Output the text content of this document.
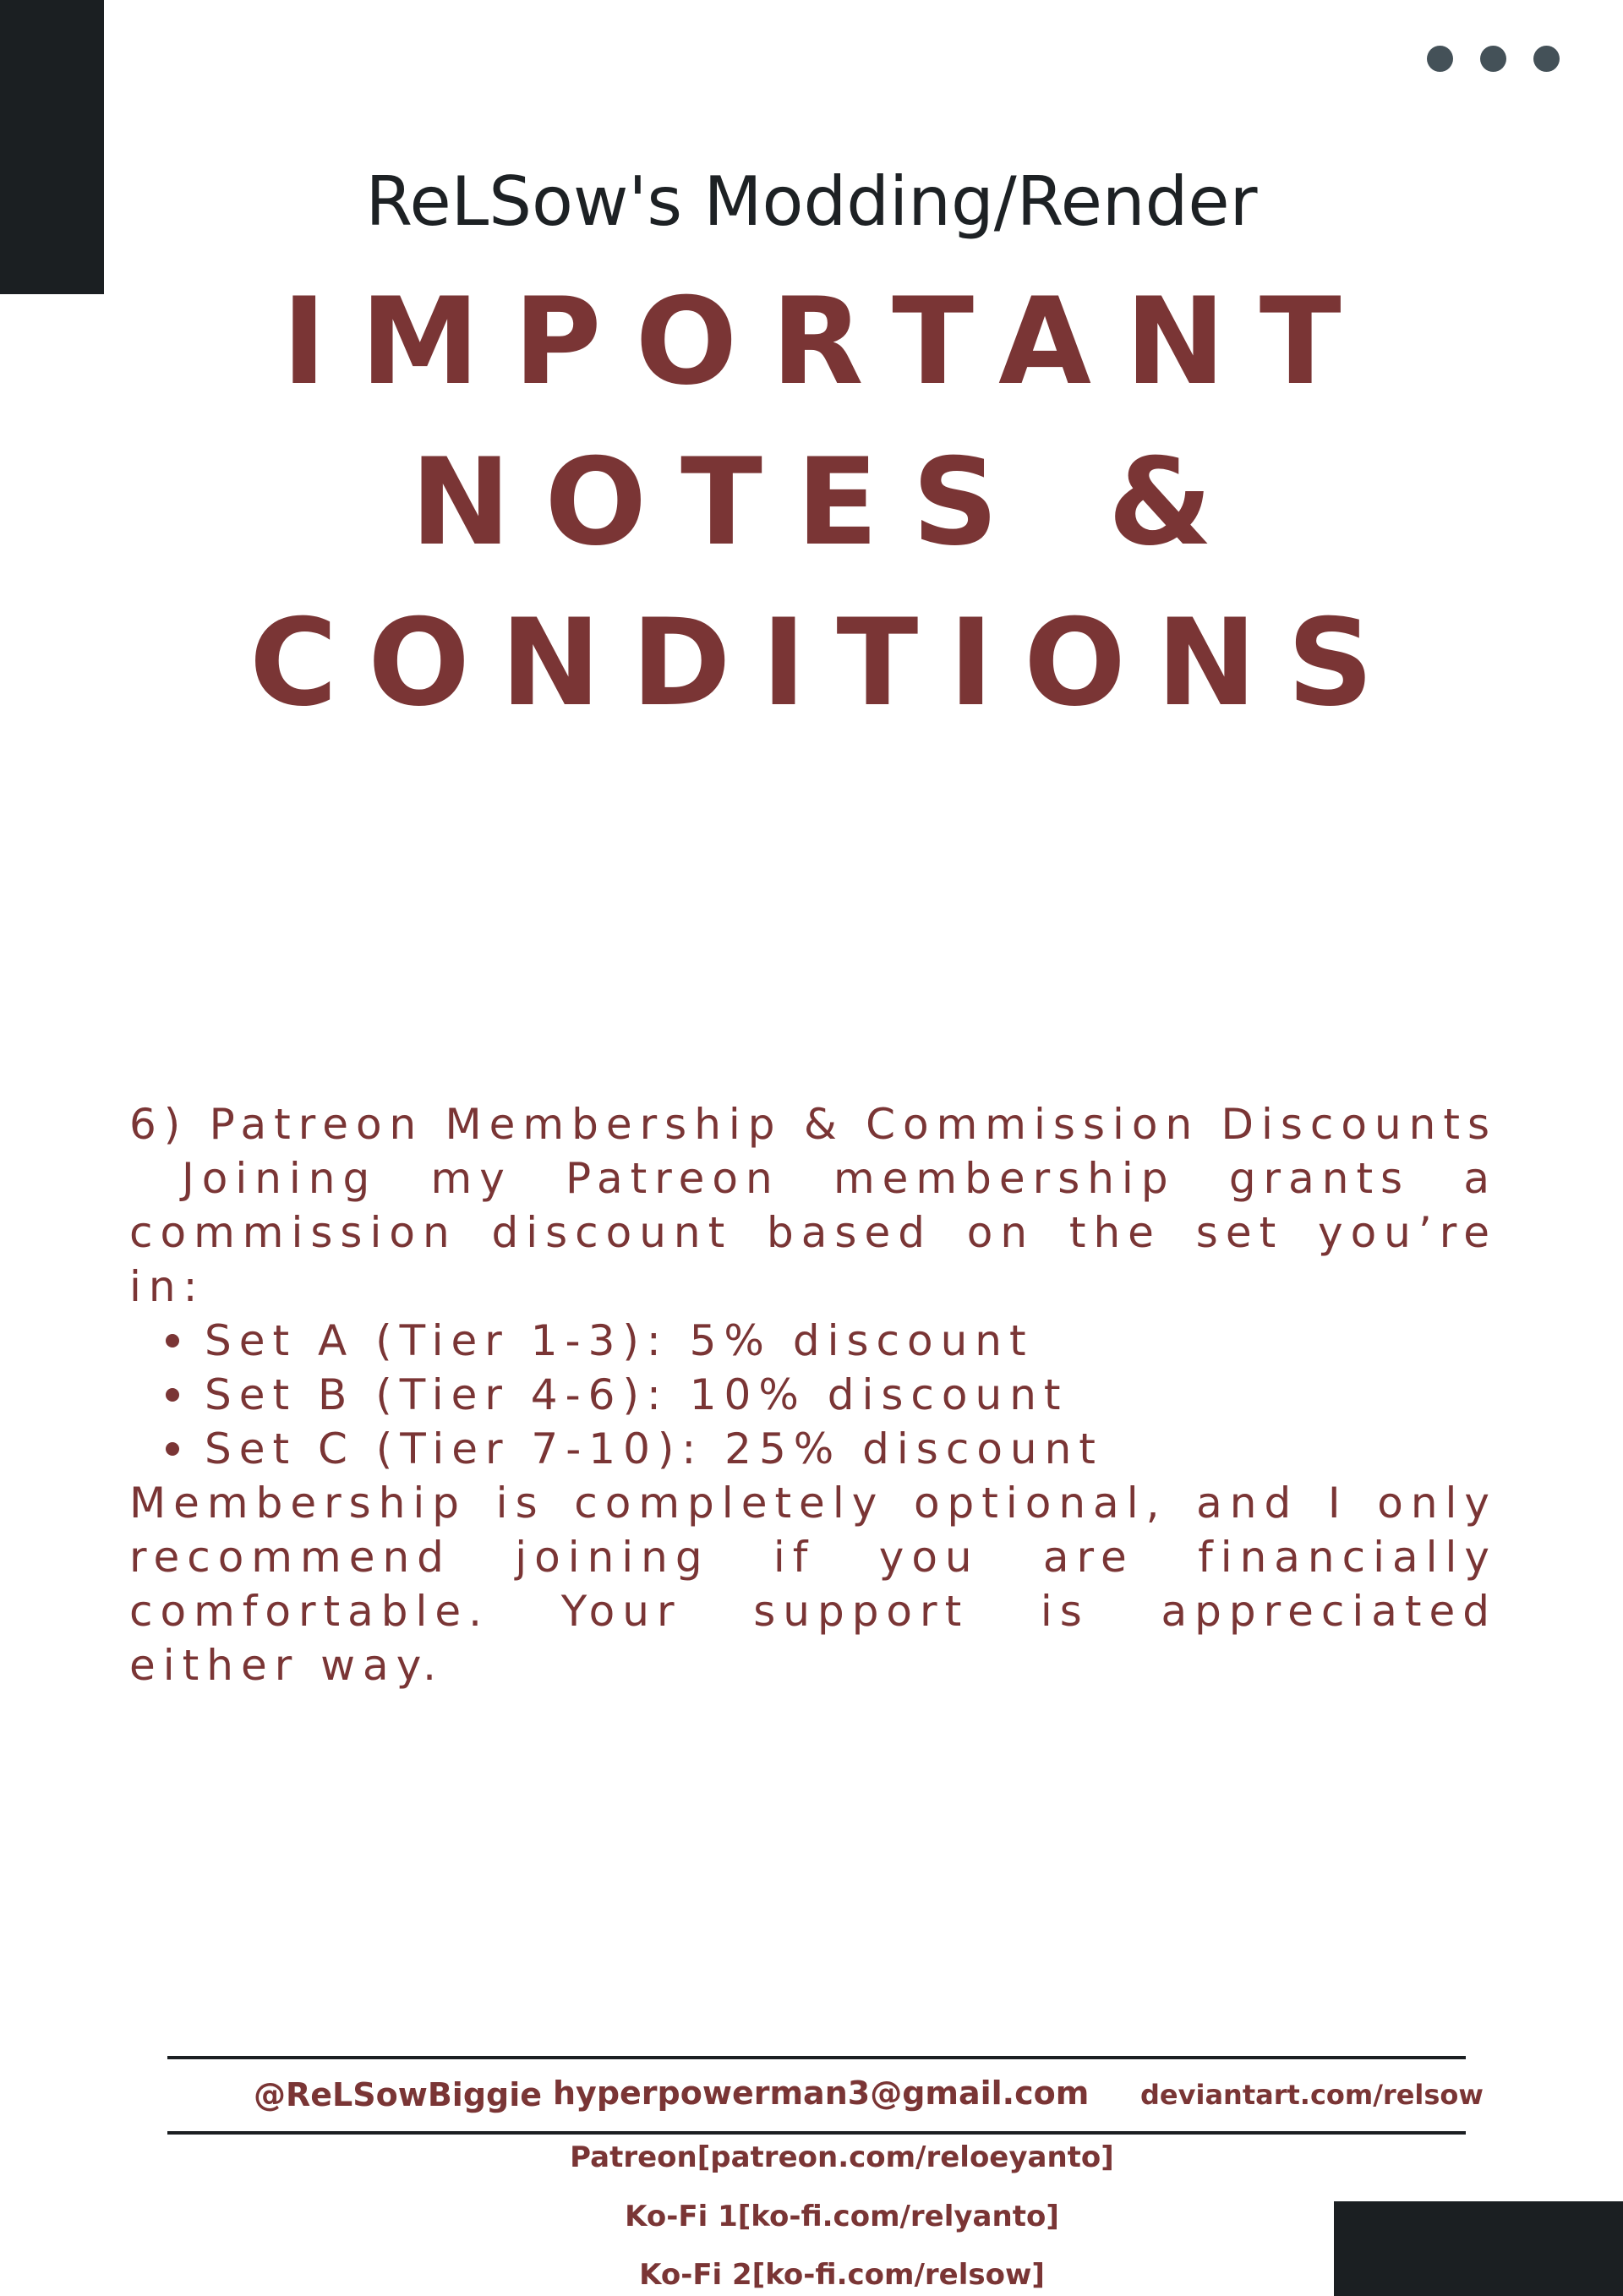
ReLSow's Modding/Render
IMPORTANT
NOTES &
CONDITIONS
6) Patreon Membership & Commission Discounts
Joining my Patreon membership grants a
commission discount based on the set you’re
in:
Set A (Tier 1-3): 5% discount
Set B (Tier 4-6): 10% discount
Set C (Tier 7-10): 25% discount
Membership is completely optional, and I only
recommend joining if you are financially
comfortable. Your support is appreciated
either way.
@ReLSowBiggie hyperpowerman3@gmail.com deviantart.com/relsow
Patreon[patreon.com/reloeyanto]
Ko-Fi 1[ko-fi.com/relyanto]
Ko-Fi 2[ko-fi.com/relsow]
